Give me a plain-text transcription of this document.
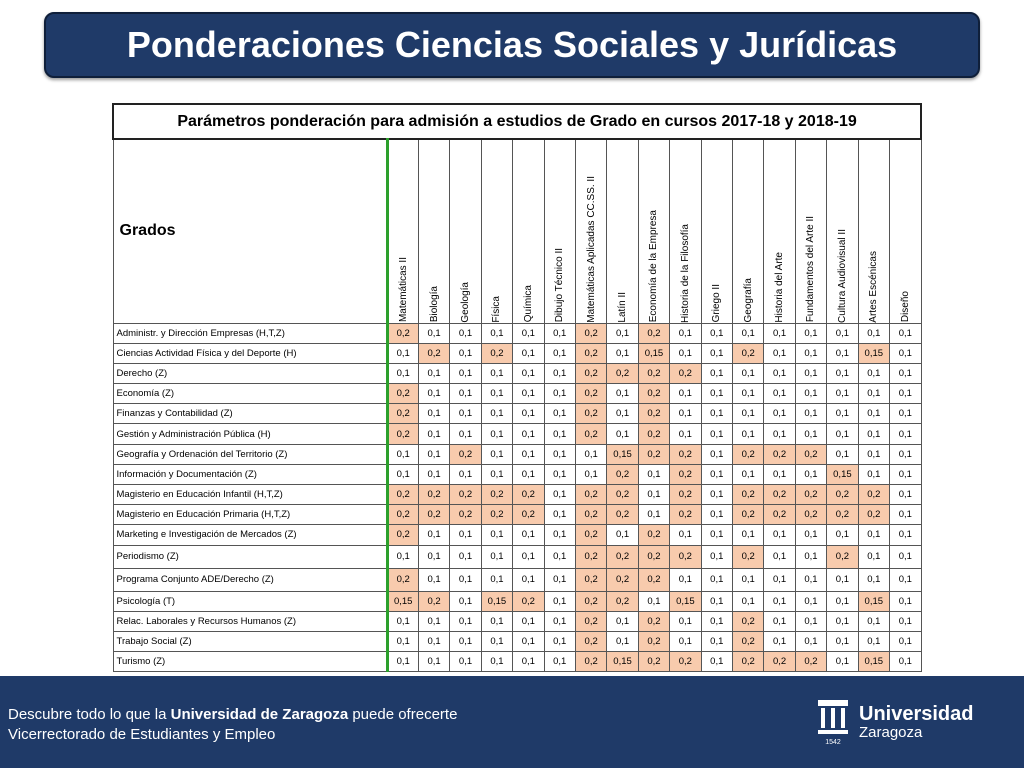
Ponderaciones Ciencias Sociales y Jurídicas
Parámetros ponderación para admisión a estudios de Grado en cursos 2017-18 y 2018-19																	
Grados	Matemáticas II	Biología	Geología	Física	Química	Dibujo Técnico II	Matemáticas Aplicadas CC.SS. II	Latín II	Economía de la Empresa	Historia de la Filosofía	Griego II	Geografía	Historia del Arte	Fundamentos del Arte II	Cultura Audiovisual II	Artes Escénicas	Diseño

Administr. y Dirección Empresas (H,T,Z)	0,2	0,1	0,1	0,1	0,1	0,1	0,2	0,1	0,2	0,1	0,1	0,1	0,1	0,1	0,1	0,1	0,1
Ciencias Actividad Física y del Deporte (H)	0,1	0,2	0,1	0,2	0,1	0,1	0,2	0,1	0,15	0,1	0,1	0,2	0,1	0,1	0,1	0,15	0,1
Derecho (Z)	0,1	0,1	0,1	0,1	0,1	0,1	0,2	0,2	0,2	0,2	0,1	0,1	0,1	0,1	0,1	0,1	0,1
Economía (Z)	0,2	0,1	0,1	0,1	0,1	0,1	0,2	0,1	0,2	0,1	0,1	0,1	0,1	0,1	0,1	0,1	0,1
Finanzas y Contabilidad (Z)	0,2	0,1	0,1	0,1	0,1	0,1	0,2	0,1	0,2	0,1	0,1	0,1	0,1	0,1	0,1	0,1	0,1
Gestión y Administración Pública (H)	0,2	0,1	0,1	0,1	0,1	0,1	0,2	0,1	0,2	0,1	0,1	0,1	0,1	0,1	0,1	0,1	0,1
Geografía y Ordenación del Territorio (Z)	0,1	0,1	0,2	0,1	0,1	0,1	0,1	0,15	0,2	0,2	0,1	0,2	0,2	0,2	0,1	0,1	0,1
Información y Documentación (Z)	0,1	0,1	0,1	0,1	0,1	0,1	0,1	0,2	0,1	0,2	0,1	0,1	0,1	0,1	0,15	0,1	0,1
Magisterio en Educación Infantil (H,T,Z)	0,2	0,2	0,2	0,2	0,2	0,1	0,2	0,2	0,1	0,2	0,1	0,2	0,2	0,2	0,2	0,2	0,1
Magisterio en Educación Primaria (H,T,Z)	0,2	0,2	0,2	0,2	0,2	0,1	0,2	0,2	0,1	0,2	0,1	0,2	0,2	0,2	0,2	0,2	0,1
Marketing e Investigación de Mercados (Z)	0,2	0,1	0,1	0,1	0,1	0,1	0,2	0,1	0,2	0,1	0,1	0,1	0,1	0,1	0,1	0,1	0,1
Periodismo (Z)	0,1	0,1	0,1	0,1	0,1	0,1	0,2	0,2	0,2	0,2	0,1	0,2	0,1	0,1	0,2	0,1	0,1
Programa Conjunto ADE/Derecho (Z)	0,2	0,1	0,1	0,1	0,1	0,1	0,2	0,2	0,2	0,1	0,1	0,1	0,1	0,1	0,1	0,1	0,1
Psicología (T)	0,15	0,2	0,1	0,15	0,2	0,1	0,2	0,2	0,1	0,15	0,1	0,1	0,1	0,1	0,1	0,15	0,1
Relac. Laborales y Recursos Humanos (Z)	0,1	0,1	0,1	0,1	0,1	0,1	0,2	0,1	0,2	0,1	0,1	0,2	0,1	0,1	0,1	0,1	0,1
Trabajo Social (Z)	0,1	0,1	0,1	0,1	0,1	0,1	0,2	0,1	0,2	0,1	0,1	0,2	0,1	0,1	0,1	0,1	0,1
Turismo (Z)	0,1	0,1	0,1	0,1	0,1	0,1	0,2	0,15	0,2	0,2	0,1	0,2	0,2	0,2	0,1	0,15	0,1
Descubre todo lo que la Universidad de Zaragoza puede ofrecerte
Vicerrectorado de Estudiantes y Empleo	1542
Universidad
Zaragoza
